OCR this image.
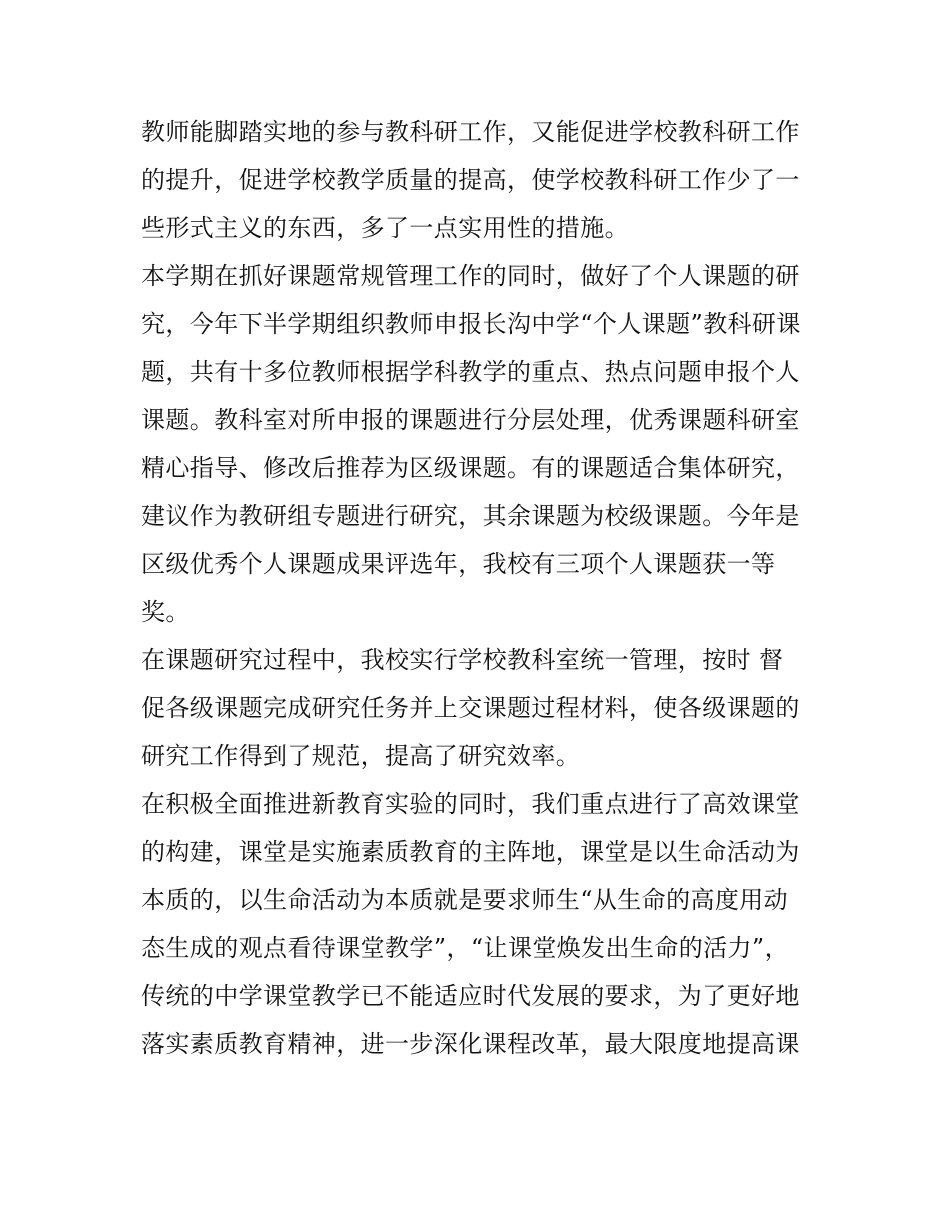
教师能脚踏实地的参与教科研工作，又能促进学校教科研工作
的提升，促进学校教学质量的提高，使学校教科研工作少了一
些形式主义的东西，多了一点实用性的措施。
本学期在抓好课题常规管理工作的同时，做好了个人课题的研
究，今年下半学期组织教师申报长沟中学“个人课题”教科研课
题，共有十多位教师根据学科教学的重点、热点问题申报个人
课题。教科室对所申报的课题进行分层处理，优秀课题科研室
精心指导、修改后推荐为区级课题。有的课题适合集体研究，
建议作为教研组专题进行研究，其余课题为校级课题。今年是
区级优秀个人课题成果评选年，我校有三项个人课题获一等
奖。
在课题研究过程中，我校实行学校教科室统一管理，按时 督
促各级课题完成研究任务并上交课题过程材料，使各级课题的
研究工作得到了规范，提高了研究效率。
在积极全面推进新教育实验的同时，我们重点进行了高效课堂
的构建，课堂是实施素质教育的主阵地，课堂是以生命活动为
本质的，以生命活动为本质就是要求师生“从生命的高度用动
态生成的观点看待课堂教学”，“让课堂焕发出生命的活力”，
传统的中学课堂教学已不能适应时代发展的要求，为了更好地
落实素质教育精神，进一步深化课程改革，最大限度地提高课
